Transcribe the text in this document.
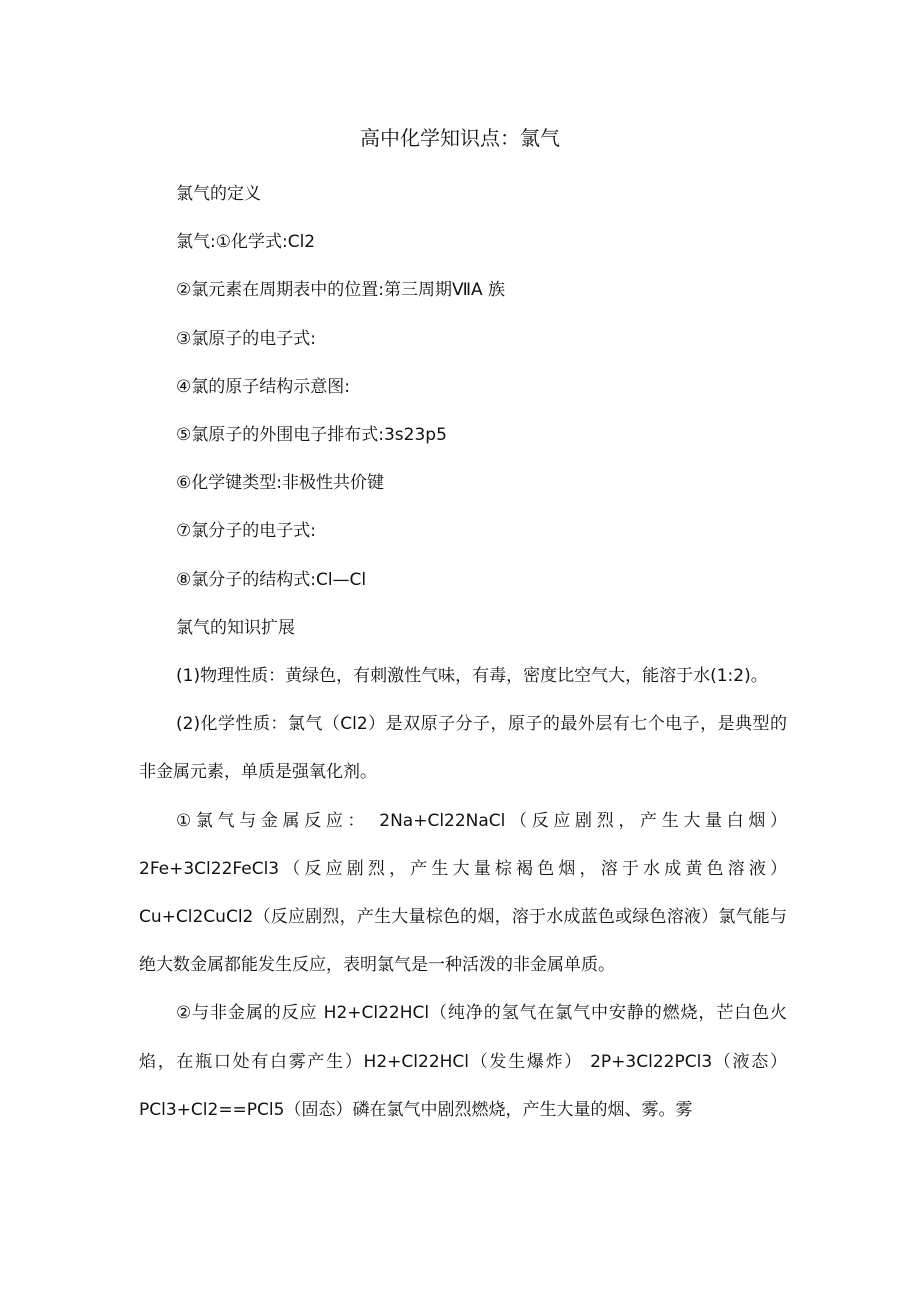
高中化学知识点：氯气

氯气的定义

氯气:①化学式:Cl2

②氯元素在周期表中的位置:第三周期ⅦA 族

③氯原子的电子式:

④氯的原子结构示意图:

⑤氯原子的外围电子排布式:3s23p5

⑥化学键类型:非极性共价键

⑦氯分子的电子式:

⑧氯分子的结构式:Cl—Cl

氯气的知识扩展

(1)物理性质：黄绿色，有刺激性气味，有毒，密度比空气大，能溶于水(1:2)。

(2)化学性质：氯气（Cl2）是双原子分子，原子的最外层有七个电子，是典型的非金属元素，单质是强氧化剂。

①氯气与金属反应： 2Na+Cl22NaCl（反应剧烈，产生大量白烟）2Fe+3Cl22FeCl3（反应剧烈，产生大量棕褐色烟，溶于水成黄色溶液）Cu+Cl2CuCl2（反应剧烈，产生大量棕色的烟，溶于水成蓝色或绿色溶液）氯气能与绝大数金属都能发生反应，表明氯气是一种活泼的非金属单质。

②与非金属的反应 H2+Cl22HCl（纯净的氢气在氯气中安静的燃烧，芒白色火焰，在瓶口处有白雾产生）H2+Cl22HCl（发生爆炸） 2P+3Cl22PCl3（液态） PCl3+Cl2==PCl5（固态）磷在氯气中剧烈燃烧，产生大量的烟、雾。雾
